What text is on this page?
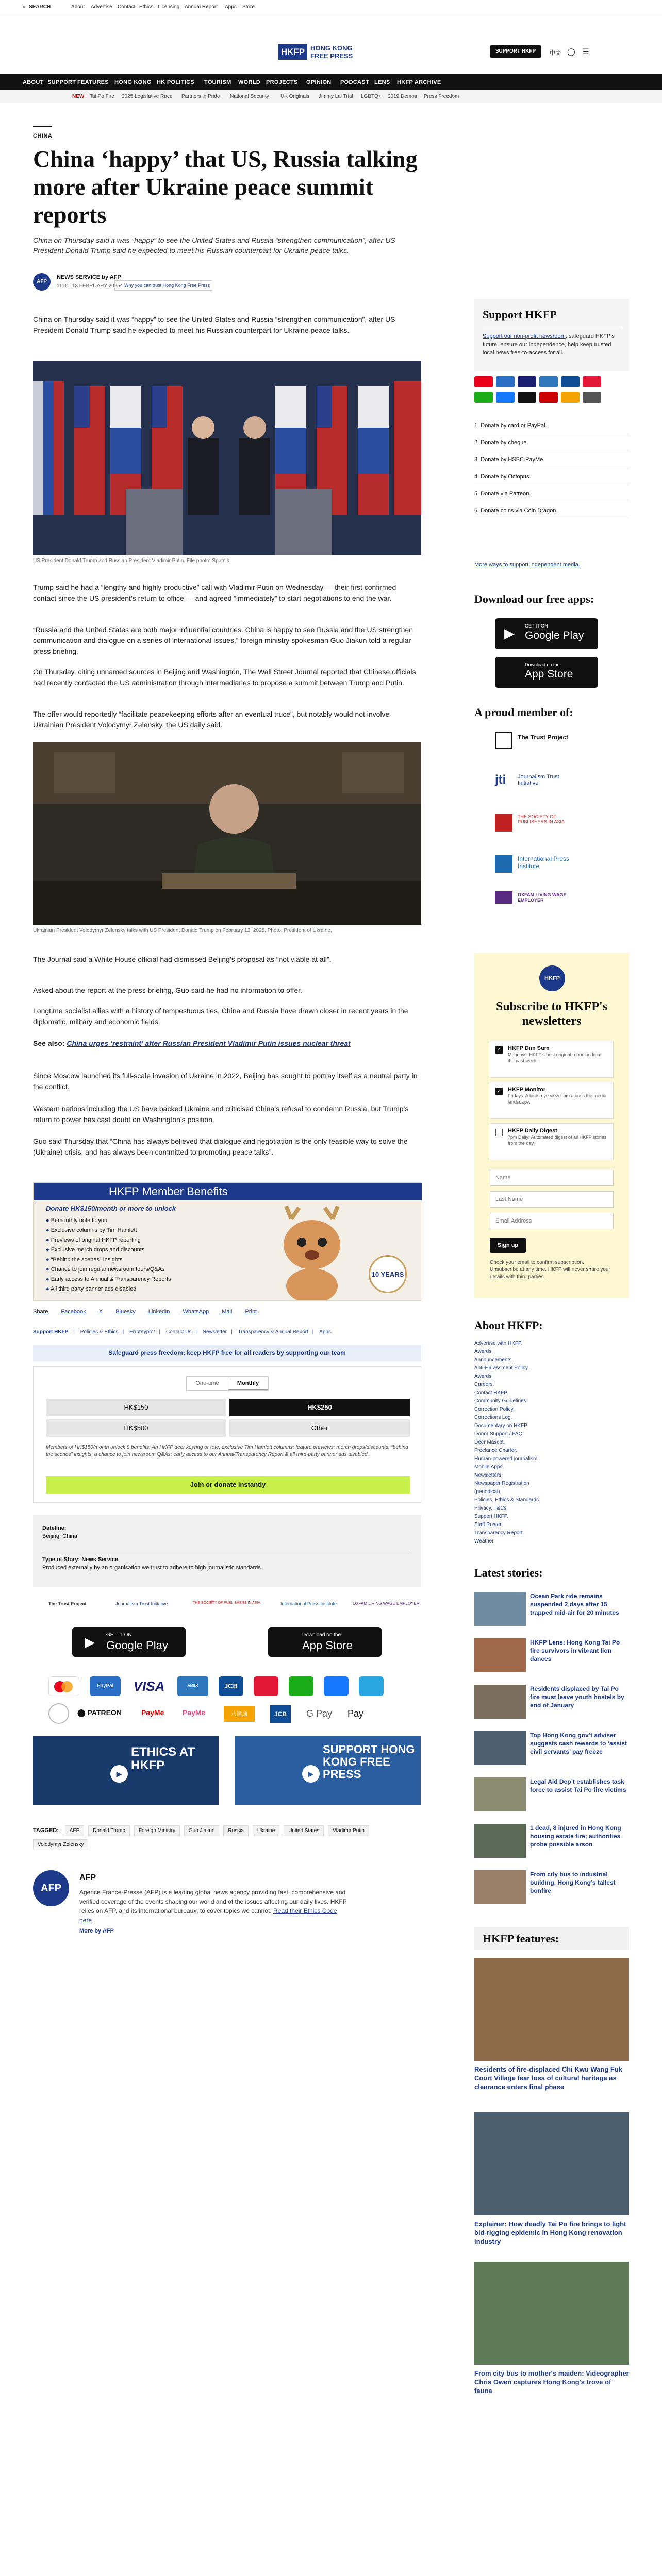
⌕ SEARCH	About Advertise Contact Ethics Licensing Annual Report Apps Store
HKFP HONG KONG
FREE PRESS
SUPPORT HKFP	中文 ◯ ☰
ABOUT SUPPORT FEATURES HONG KONG HK POLITICS TOURISM WORLD PROJECTS OPINION PODCAST LENS HKFP ARCHIVE
NEW Tai Po Fire 2025 Legislative Race Partners in Pride National Security UK Originals Jimmy Lai Trial LGBTQ+ 2019 Demos Press Freedom
CHINA
China ‘happy’ that US, Russia talking more after Ukraine peace summit reports
China on Thursday said it was “happy” to see the United States and Russia “strengthen communication”, after US President Donald Trump said he expected to meet his Russian counterpart for Ukraine peace talks.
AFP
NEWS SERVICE by AFP
11:01, 13 FEBRUARY 2025
✓ Why you can trust Hong Kong Free Press

China on Thursday said it was “happy” to see the United States and Russia “strengthen communication”, after US President Donald Trump said he expected to meet his Russian counterpart for Ukraine peace talks.

US President Donald Trump and Russian President Vladimir Putin. File photo: Sputnik.

Trump said he had a “lengthy and highly productive” call with Vladimir Putin on Wednesday — their first confirmed contact since the US president’s return to office — and agreed “immediately” to start negotiations to end the war.

“Russia and the United States are both major influential countries. China is happy to see Russia and the US strengthen communication and dialogue on a series of international issues,” foreign ministry spokesman Guo Jiakun told a regular press briefing.

On Thursday, citing unnamed sources in Beijing and Washington, The Wall Street Journal reported that Chinese officials had recently contacted the US administration through intermediaries to propose a summit between Trump and Putin.

The offer would reportedly “facilitate peacekeeping efforts after an eventual truce”, but notably would not involve Ukrainian President Volodymyr Zelensky, the US daily said.

Ukrainian President Volodymyr Zelensky talks with US President Donald Trump on February 12, 2025. Photo: President of Ukraine.

The Journal said a White House official had dismissed Beijing’s proposal as “not viable at all”.

Asked about the report at the press briefing, Guo said he had no information to offer.

Longtime socialist allies with a history of tempestuous ties, China and Russia have drawn closer in recent years in the diplomatic, military and economic fields.

See also: China urges ‘restraint’ after Russian President Vladimir Putin issues nuclear threat

Since Moscow launched its full-scale invasion of Ukraine in 2022, Beijing has sought to portray itself as a neutral party in the conflict.

Western nations including the US have backed Ukraine and criticised China’s refusal to condemn Russia, but Trump’s return to power has cast doubt on Washington’s position.

Guo said Thursday that “China has always believed that dialogue and negotiation is the only feasible way to solve the (Ukraine) crisis, and has always been committed to promoting peace talks”.

HKFP Member Benefits
Donate HK$150/month or more to unlock
● Bi-monthly note to you
● Exclusive columns by Tim Hamlett
● Previews of original HKFP reporting
● Exclusive merch drops and discounts
● “Behind the scenes” Insights
● Chance to join regular newsroom tours/Q&As
● Early access to Annual & Transparency Reports
● All third party banner ads disabled
10 YEARS
Share Facebook X Bluesky LinkedIn WhatsApp Mail Print
Support HKFP | Policies & Ethics | Error/typo? | Contact Us | Newsletter | Transparency & Annual Report | Apps
Safeguard press freedom; keep HKFP free for all readers by supporting our team
One-time	Monthly
HK$150	HK$250
HK$500	Other
Members of HK$150/month unlock 8 benefits: An HKFP deer keyring or tote; exclusive Tim Hamlett columns; feature previews; merch drops/discounts; “behind the scenes” insights; a chance to join newsroom Q&As; early access to our Annual/Transparency Report & all third-party banner ads disabled.
Join or donate instantly
Dateline:
Beijing, China
Type of Story: News Service
Produced externally by an organisation we trust to adhere to high journalistic standards.
The Trust Project	Journalism Trust Initiative	THE SOCIETY OF PUBLISHERS IN ASIA	International Press Institute	OXFAM LIVING WAGE EMPLOYER
▶ GET IT ON
Google Play
Download on the
App Store
PayPal	VISA	AMEX	JCB
⬤ PATREON	PayMe	PayMe	八達通	JCB	G Pay Pay
ETHICS AT HKFP
▶
SUPPORT HONG KONG FREE PRESS
▶
TAGGED: AFP	Donald Trump	Foreign Ministry	Guo Jiakun	Russia	Ukraine	United States	Vladimir Putin Volodymyr Zelensky
AFP
AFP
Agence France-Presse (AFP) is a leading global news agency providing fast, comprehensive and verified coverage of the events shaping our world and of the issues affecting our daily lives. HKFP relies on AFP, and its international bureaux, to cover topics we cannot. Read their Ethics Code here
More by AFP
Support HKFP
Support our non-profit newsroom; safeguard HKFP's future, ensure our independence, help keep trusted local news free-to-access for all.
1. Donate by card or PayPal.
2. Donate by cheque.
3. Donate by HSBC PayMe.
4. Donate by Octopus.
5. Donate via Patreon.
6. Donate coins via Coin Dragon.
More ways to support independent media.
Download our free apps:
▶ GET IT ON
Google Play
Download on the
App Store
A proud member of:
The Trust Project
jti Journalism Trust Initiative
THE SOCIETY OF PUBLISHERS IN ASIA
International Press Institute
OXFAM LIVING WAGE EMPLOYER
HKFP
Subscribe to HKFP's newsletters
✓ HKFP Dim Sum
Mondays: HKFP's best original reporting from the past week.
✓ HKFP Monitor
Fridays: A birds-eye view from across the media landscape.
HKFP Daily Digest
7pm Daily: Automated digest of all HKFP stories from the day.
Name
Last Name
Email Address
Sign up
Check your email to confirm subscription. Unsubscribe at any time. HKFP will never share your details with third parties.
About HKFP:
Advertise with HKFP.
Awards.
Announcements.
Anti-Harassment Policy.
Awards.
Careers.
Contact HKFP.
Community Guidelines.
Correction Policy.
Corrections Log.
Documentary on HKFP.
Donor Support / FAQ.
Deer Mascot.
Freelance Charter.
Human-powered journalism.
Mobile Apps.
Newsletters.
Newspaper Registration (periodical).
Policies, Ethics & Standards.
Privacy, T&Cs.
Support HKFP.
Staff Roster.
Transparency Report.
Weather.
Latest stories:
Ocean Park ride remains suspended 2 days after 15 trapped mid-air for 20 minutes
HKFP Lens: Hong Kong Tai Po fire survivors in vibrant lion dances
Residents displaced by Tai Po fire must leave youth hostels by end of January
Top Hong Kong gov’t adviser suggests cash rewards to ‘assist civil servants’ pay freeze
Legal Aid Dep’t establishes task force to assist Tai Po fire victims
1 dead, 8 injured in Hong Kong housing estate fire; authorities probe possible arson
From city bus to industrial building, Hong Kong’s tallest bonfire
HKFP features:
Residents of fire-displaced Chi Kwu Wang Fuk Court Village fear loss of cultural heritage as clearance enters final phase
Explainer: How deadly Tai Po fire brings to light bid-rigging epidemic in Hong Kong renovation industry
From city bus to mother's maiden: Videographer Chris Owen captures Hong Kong's trove of fauna
